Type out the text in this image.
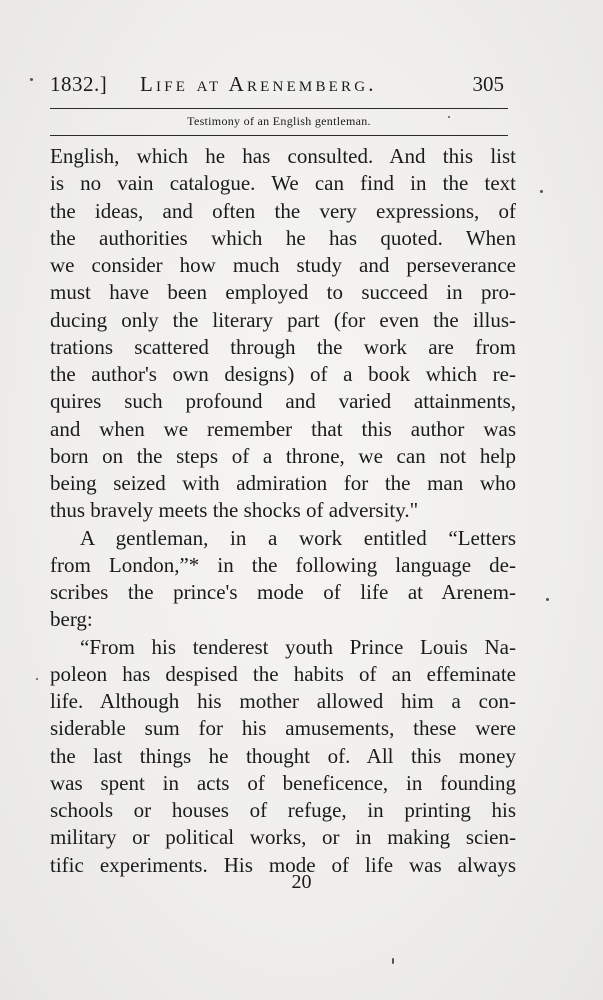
1832.] Life at Arenemberg.	305
Testimony of an English gentleman.
English, which he has consulted. And this list
is no vain catalogue. We can find in the text
the ideas, and often the very expressions, of
the authorities which he has quoted. When
we consider how much study and perseverance
must have been employed to succeed in pro-
ducing only the literary part (for even the illus-
trations scattered through the work are from
the author's own designs) of a book which re-
quires such profound and varied attainments,
and when we remember that this author was
born on the steps of a throne, we can not help
being seized with admiration for the man who
thus bravely meets the shocks of adversity."
A gentleman, in a work entitled “Letters
from London,”* in the following language de-
scribes the prince's mode of life at Arenem-
berg:
“From his tenderest youth Prince Louis Na-
poleon has despised the habits of an effeminate
life. Although his mother allowed him a con-
siderable sum for his amusements, these were
the last things he thought of. All this money
was spent in acts of beneficence, in founding
schools or houses of refuge, in printing his
military or political works, or in making scien-
tific experiments. His mode of life was always
20
